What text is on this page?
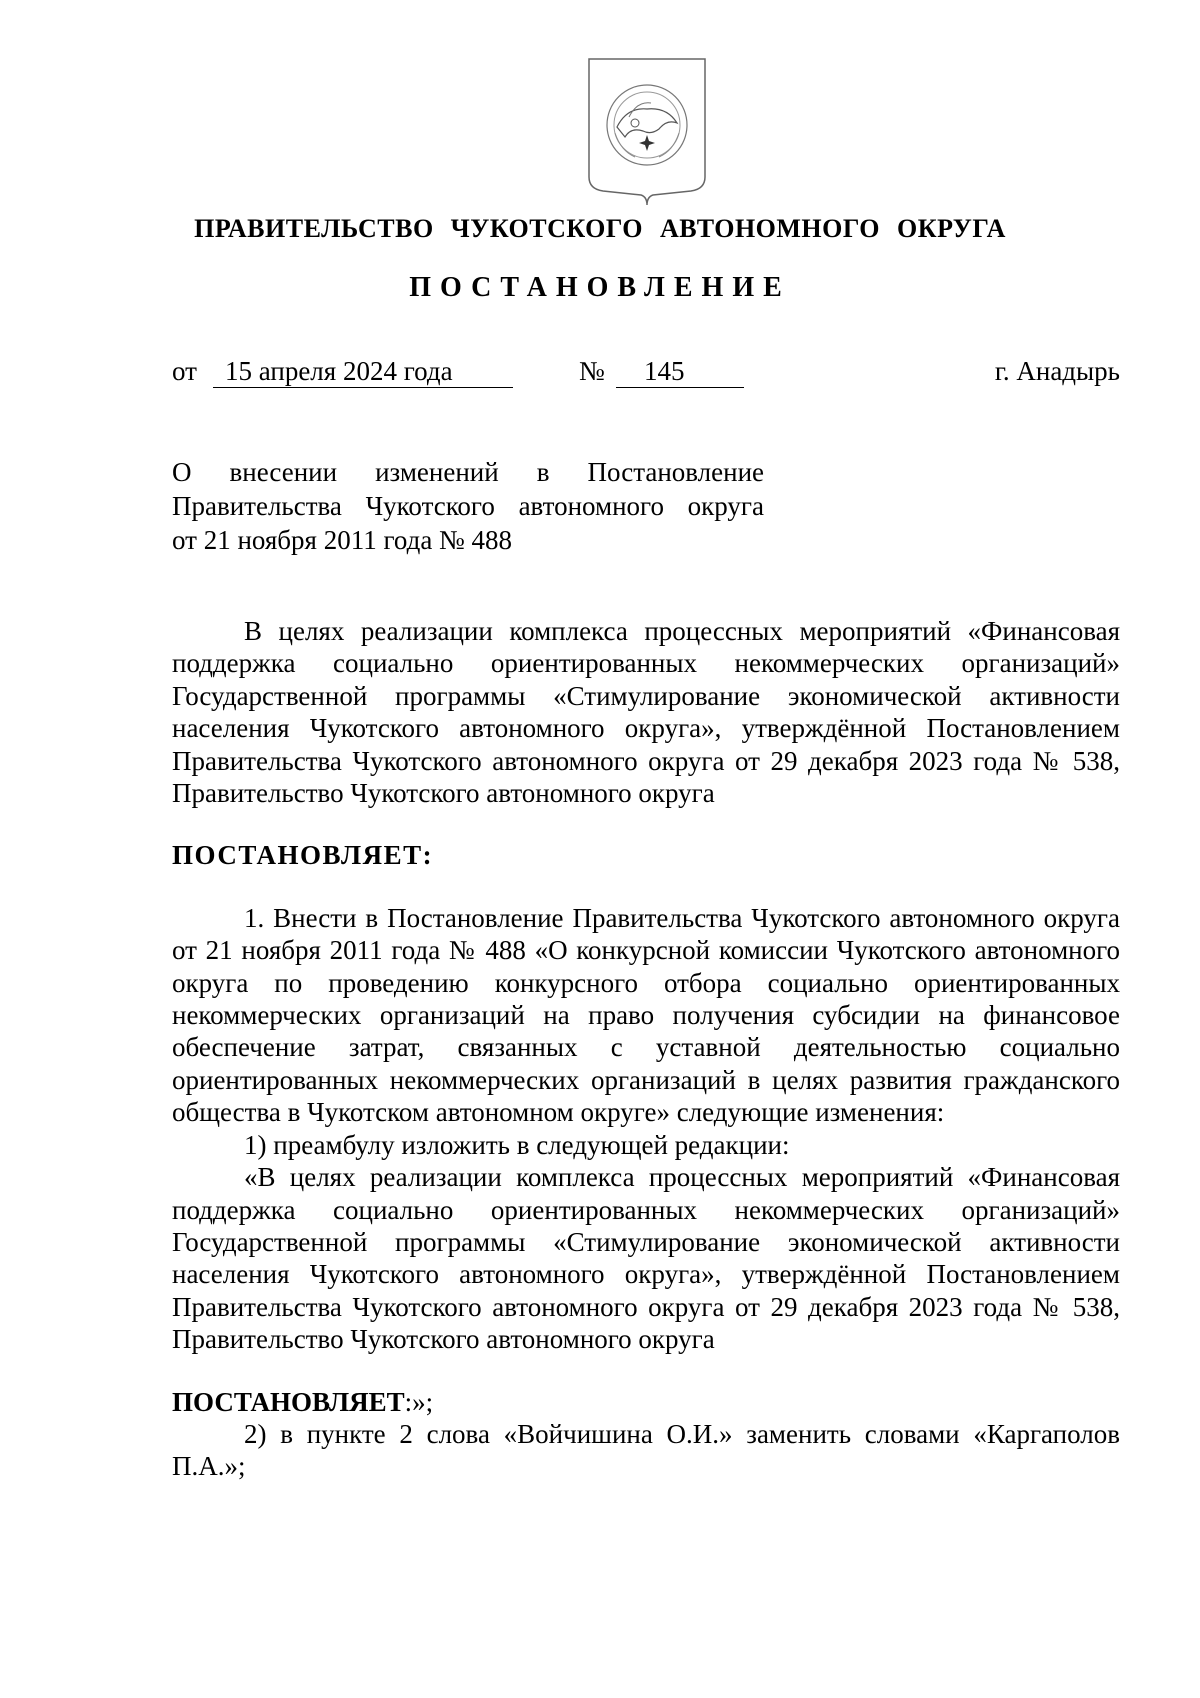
ПРАВИТЕЛЬСТВО ЧУКОТСКОГО АВТОНОМНОГО ОКРУГА
ПОСТАНОВЛЕНИЕ
от	15 апреля 2024 года	№	145	г. Анадырь
О внесении изменений в Постановление
Правительства Чукотского автономного округа
от 21 ноября 2011 года № 488

В целях реализации комплекса процессных мероприятий «Финансовая поддержка социально ориентированных некоммерческих организаций» Государственной программы «Стимулирование экономической активности населения Чукотского автономного округа», утверждённой Постановлением Правительства Чукотского автономного округа от 29 декабря 2023 года № 538, Правительство Чукотского автономного округа

ПОСТАНОВЛЯЕТ:

1. Внести в Постановление Правительства Чукотского автономного округа от 21 ноября 2011 года № 488 «О конкурсной комиссии Чукотского автономного округа по проведению конкурсного отбора социально ориентированных некоммерческих организаций на право получения субсидии на финансовое обеспечение затрат, связанных с уставной деятельностью социально ориентированных некоммерческих организаций в целях развития гражданского общества в Чукотском автономном округе» следующие изменения:

1) преамбулу изложить в следующей редакции:

«В целях реализации комплекса процессных мероприятий «Финансовая поддержка социально ориентированных некоммерческих организаций» Государственной программы «Стимулирование экономической активности населения Чукотского автономного округа», утверждённой Постановлением Правительства Чукотского автономного округа от 29 декабря 2023 года № 538, Правительство Чукотского автономного округа

ПОСТАНОВЛЯЕТ:»;

2) в пункте 2 слова «Войчишина О.И.» заменить словами «Каргаполов П.А.»;
